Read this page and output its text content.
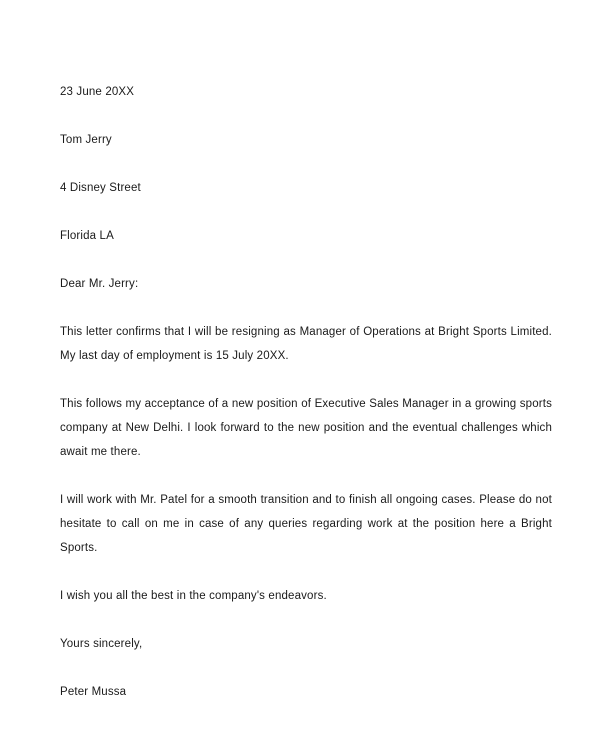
23 June 20XX
Tom Jerry
4 Disney Street
Florida LA
Dear Mr. Jerry:

This letter confirms that I will be resigning as Manager of Operations at Bright Sports Limited. My last day of employment is 15 July 20XX.

This follows my acceptance of a new position of Executive Sales Manager in a growing sports company at New Delhi. I look forward to the new position and the eventual challenges which await me there.

I will work with Mr. Patel for a smooth transition and to finish all ongoing cases. Please do not hesitate to call on me in case of any queries regarding work at the position here a Bright Sports.

I wish you all the best in the company's endeavors.

Yours sincerely,
Peter Mussa
